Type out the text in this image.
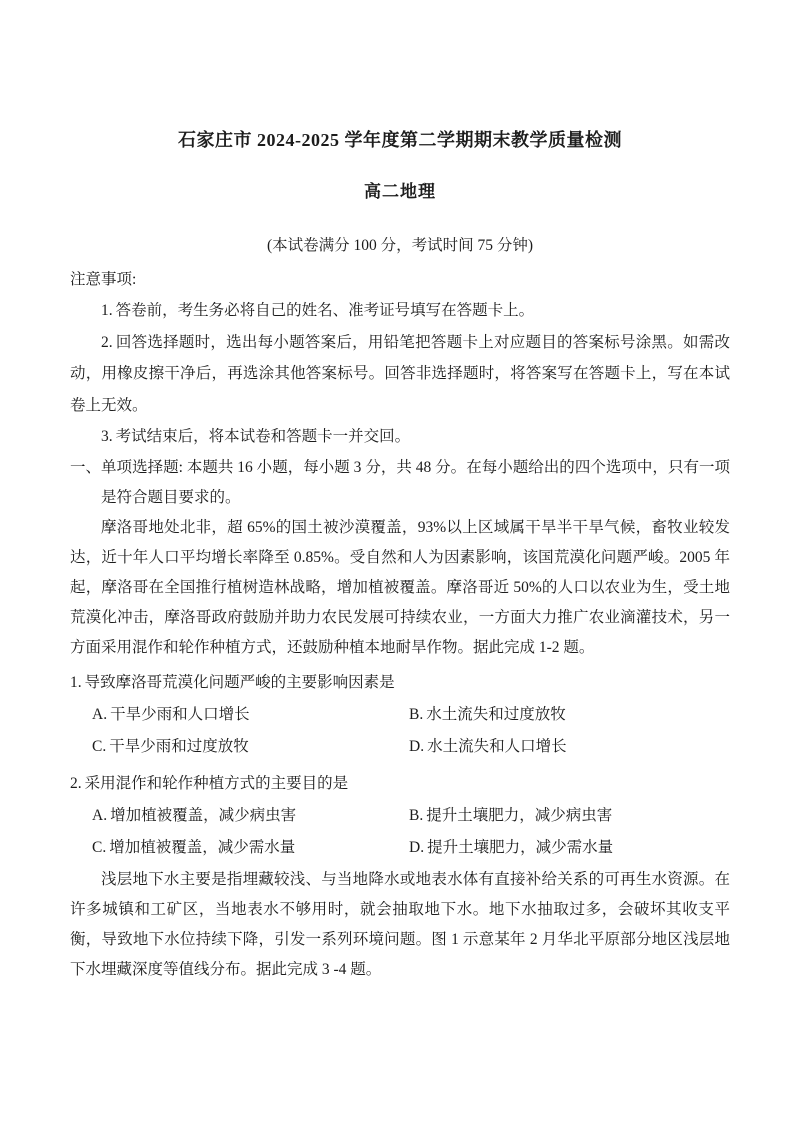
石家庄市 2024-2025 学年度第二学期期末教学质量检测
高二地理

(本试卷满分 100 分，考试时间 75 分钟)

注意事项:

1. 答卷前，考生务必将自己的姓名、准考证号填写在答题卡上。

2. 回答选择题时，选出每小题答案后，用铅笔把答题卡上对应题目的答案标号涂黑。如需改动，用橡皮擦干净后，再选涂其他答案标号。回答非选择题时，将答案写在答题卡上，写在本试卷上无效。

3. 考试结束后，将本试卷和答题卡一并交回。

一、单项选择题: 本题共 16 小题，每小题 3 分，共 48 分。在每小题给出的四个选项中，只有一项是符合题目要求的。

摩洛哥地处北非，超 65%的国土被沙漠覆盖，93%以上区域属干旱半干旱气候，畜牧业较发达，近十年人口平均增长率降至 0.85%。受自然和人为因素影响，该国荒漠化问题严峻。2005 年起，摩洛哥在全国推行植树造林战略，增加植被覆盖。摩洛哥近 50%的人口以农业为生，受土地荒漠化冲击，摩洛哥政府鼓励并助力农民发展可持续农业，一方面大力推广农业滴灌技术，另一方面采用混作和轮作种植方式，还鼓励种植本地耐旱作物。据此完成 1-2 题。

1. 导致摩洛哥荒漠化问题严峻的主要影响因素是

A. 干旱少雨和人口增长	B. 水土流失和过度放牧
C. 干旱少雨和过度放牧	D. 水土流失和人口增长

2. 采用混作和轮作种植方式的主要目的是

A. 增加植被覆盖，减少病虫害	B. 提升土壤肥力，减少病虫害
C. 增加植被覆盖，减少需水量	D. 提升土壤肥力，减少需水量

浅层地下水主要是指埋藏较浅、与当地降水或地表水体有直接补给关系的可再生水资源。在许多城镇和工矿区，当地表水不够用时，就会抽取地下水。地下水抽取过多，会破坏其收支平衡，导致地下水位持续下降，引发一系列环境问题。图 1 示意某年 2 月华北平原部分地区浅层地下水埋藏深度等值线分布。据此完成 3 -4 题。
